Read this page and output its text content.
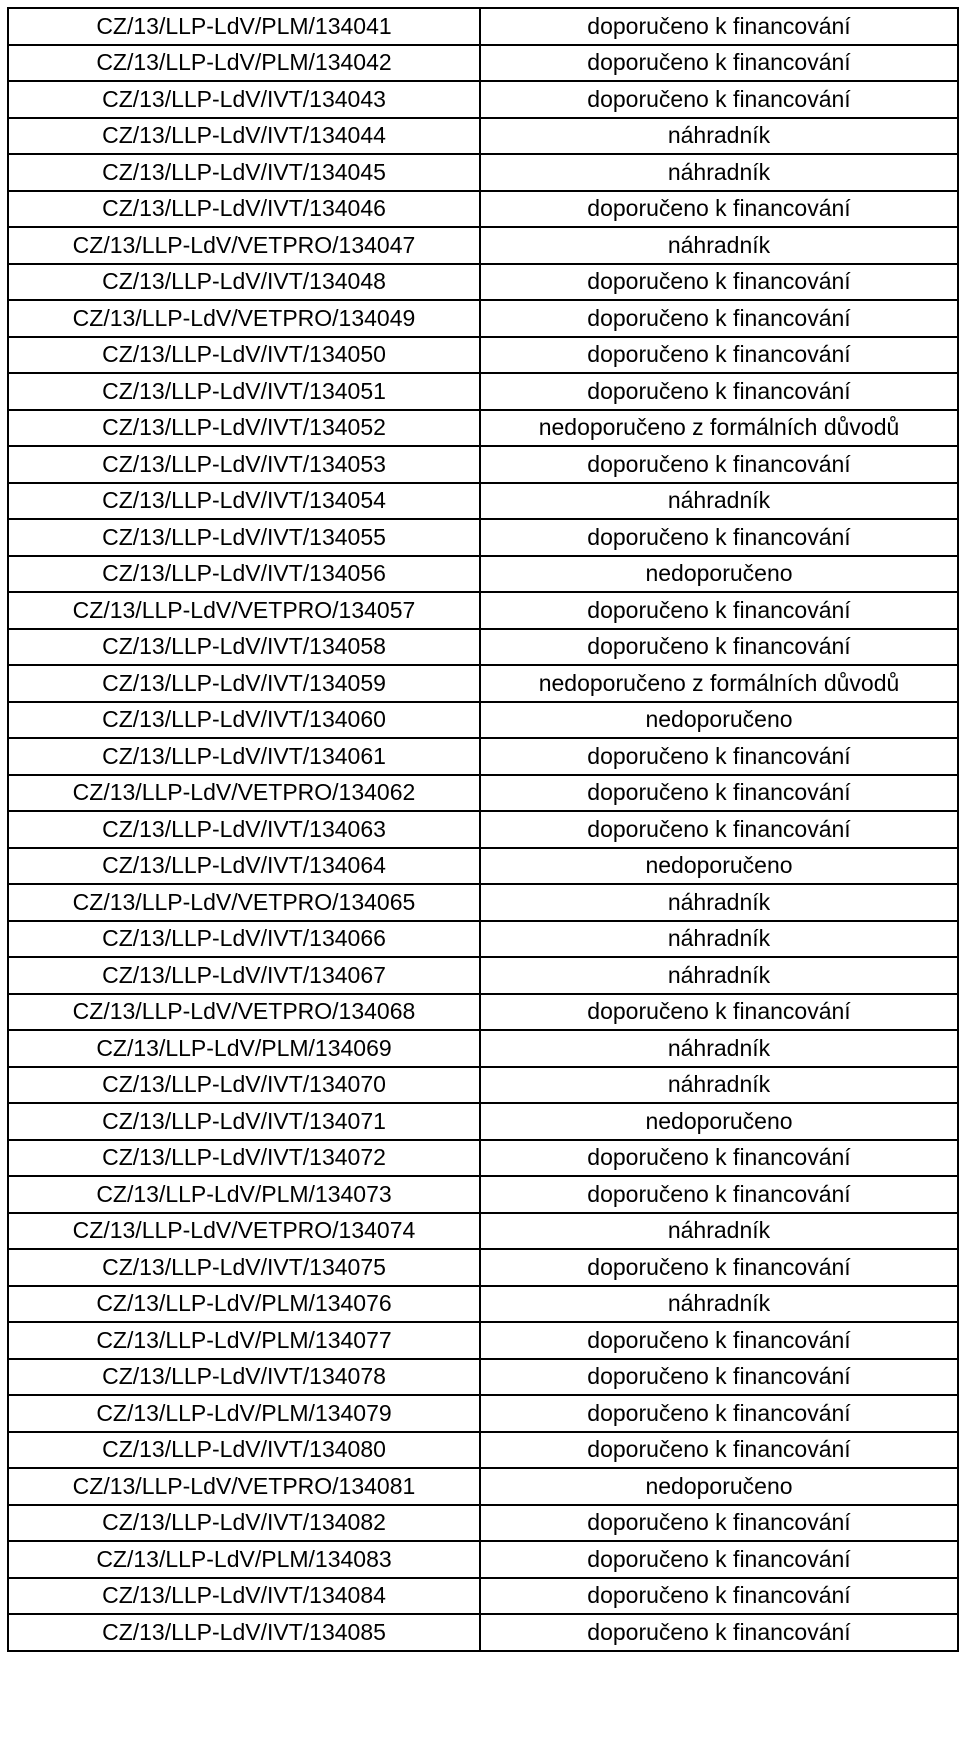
CZ/13/LLP-LdV/PLM/134041	doporučeno k financování
CZ/13/LLP-LdV/PLM/134042	doporučeno k financování
CZ/13/LLP-LdV/IVT/134043	doporučeno k financování
CZ/13/LLP-LdV/IVT/134044	náhradník
CZ/13/LLP-LdV/IVT/134045	náhradník
CZ/13/LLP-LdV/IVT/134046	doporučeno k financování
CZ/13/LLP-LdV/VETPRO/134047	náhradník
CZ/13/LLP-LdV/IVT/134048	doporučeno k financování
CZ/13/LLP-LdV/VETPRO/134049	doporučeno k financování
CZ/13/LLP-LdV/IVT/134050	doporučeno k financování
CZ/13/LLP-LdV/IVT/134051	doporučeno k financování
CZ/13/LLP-LdV/IVT/134052	nedoporučeno z formálních důvodů
CZ/13/LLP-LdV/IVT/134053	doporučeno k financování
CZ/13/LLP-LdV/IVT/134054	náhradník
CZ/13/LLP-LdV/IVT/134055	doporučeno k financování
CZ/13/LLP-LdV/IVT/134056	nedoporučeno
CZ/13/LLP-LdV/VETPRO/134057	doporučeno k financování
CZ/13/LLP-LdV/IVT/134058	doporučeno k financování
CZ/13/LLP-LdV/IVT/134059	nedoporučeno z formálních důvodů
CZ/13/LLP-LdV/IVT/134060	nedoporučeno
CZ/13/LLP-LdV/IVT/134061	doporučeno k financování
CZ/13/LLP-LdV/VETPRO/134062	doporučeno k financování
CZ/13/LLP-LdV/IVT/134063	doporučeno k financování
CZ/13/LLP-LdV/IVT/134064	nedoporučeno
CZ/13/LLP-LdV/VETPRO/134065	náhradník
CZ/13/LLP-LdV/IVT/134066	náhradník
CZ/13/LLP-LdV/IVT/134067	náhradník
CZ/13/LLP-LdV/VETPRO/134068	doporučeno k financování
CZ/13/LLP-LdV/PLM/134069	náhradník
CZ/13/LLP-LdV/IVT/134070	náhradník
CZ/13/LLP-LdV/IVT/134071	nedoporučeno
CZ/13/LLP-LdV/IVT/134072	doporučeno k financování
CZ/13/LLP-LdV/PLM/134073	doporučeno k financování
CZ/13/LLP-LdV/VETPRO/134074	náhradník
CZ/13/LLP-LdV/IVT/134075	doporučeno k financování
CZ/13/LLP-LdV/PLM/134076	náhradník
CZ/13/LLP-LdV/PLM/134077	doporučeno k financování
CZ/13/LLP-LdV/IVT/134078	doporučeno k financování
CZ/13/LLP-LdV/PLM/134079	doporučeno k financování
CZ/13/LLP-LdV/IVT/134080	doporučeno k financování
CZ/13/LLP-LdV/VETPRO/134081	nedoporučeno
CZ/13/LLP-LdV/IVT/134082	doporučeno k financování
CZ/13/LLP-LdV/PLM/134083	doporučeno k financování
CZ/13/LLP-LdV/IVT/134084	doporučeno k financování
CZ/13/LLP-LdV/IVT/134085	doporučeno k financování
